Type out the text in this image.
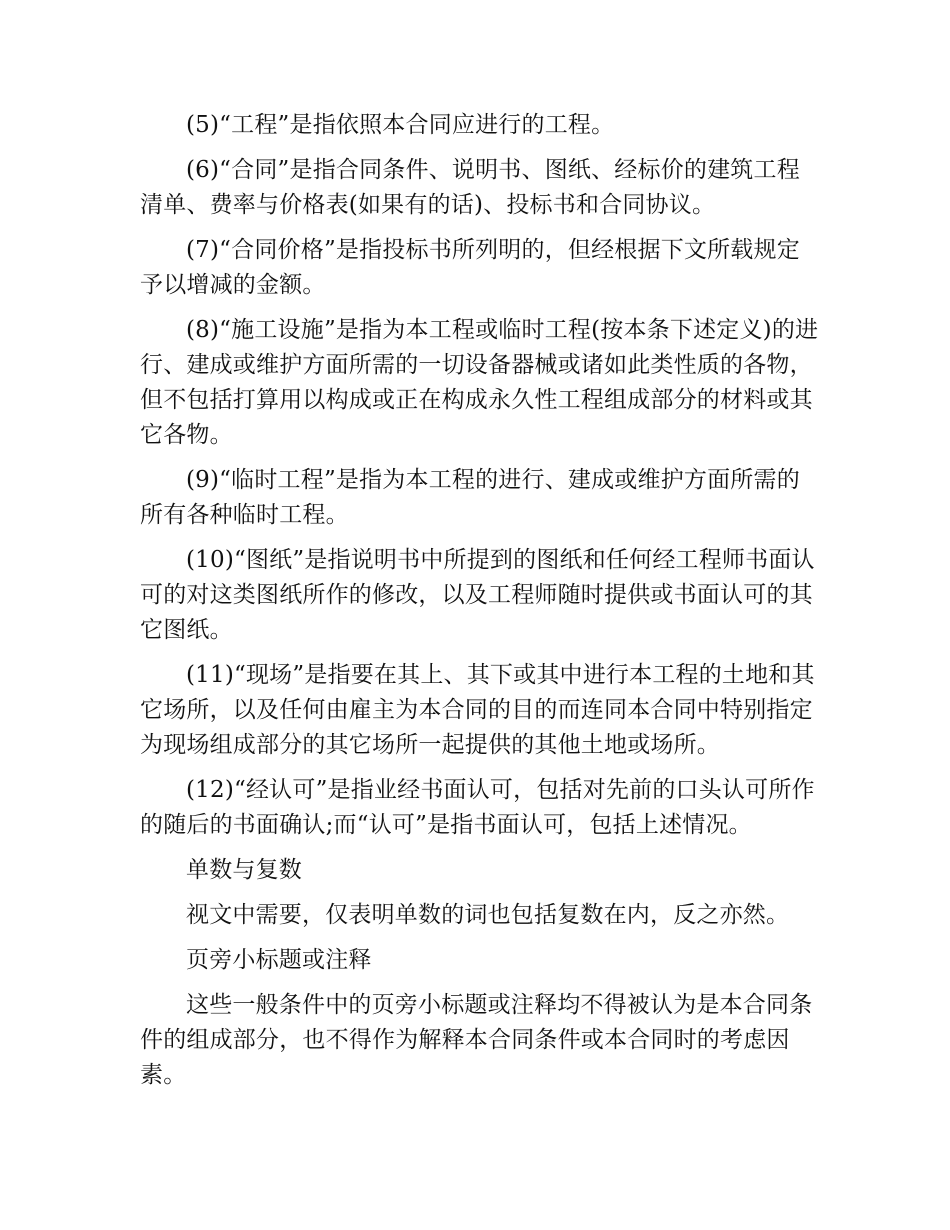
(5)“工程”是指依照本合同应进行的工程。

(6)“合同”是指合同条件、说明书、图纸、经标价的建筑工程清单、费率与价格表(如果有的话)、投标书和合同协议。

(7)“合同价格”是指投标书所列明的，但经根据下文所载规定予以增减的金额。

(8)“施工设施”是指为本工程或临时工程(按本条下述定义)的进行、建成或维护方面所需的一切设备器械或诸如此类性质的各物，但不包括打算用以构成或正在构成永久性工程组成部分的材料或其它各物。

(9)“临时工程”是指为本工程的进行、建成或维护方面所需的所有各种临时工程。

(10)“图纸”是指说明书中所提到的图纸和任何经工程师书面认可的对这类图纸所作的修改，以及工程师随时提供或书面认可的其它图纸。

(11)“现场”是指要在其上、其下或其中进行本工程的土地和其它场所，以及任何由雇主为本合同的目的而连同本合同中特别指定为现场组成部分的其它场所一起提供的其他土地或场所。

(12)“经认可”是指业经书面认可，包括对先前的口头认可所作的随后的书面确认;而“认可”是指书面认可，包括上述情况。

单数与复数

视文中需要，仅表明单数的词也包括复数在内，反之亦然。

页旁小标题或注释

这些一般条件中的页旁小标题或注释均不得被认为是本合同条件的组成部分，也不得作为解释本合同条件或本合同时的考虑因素。
